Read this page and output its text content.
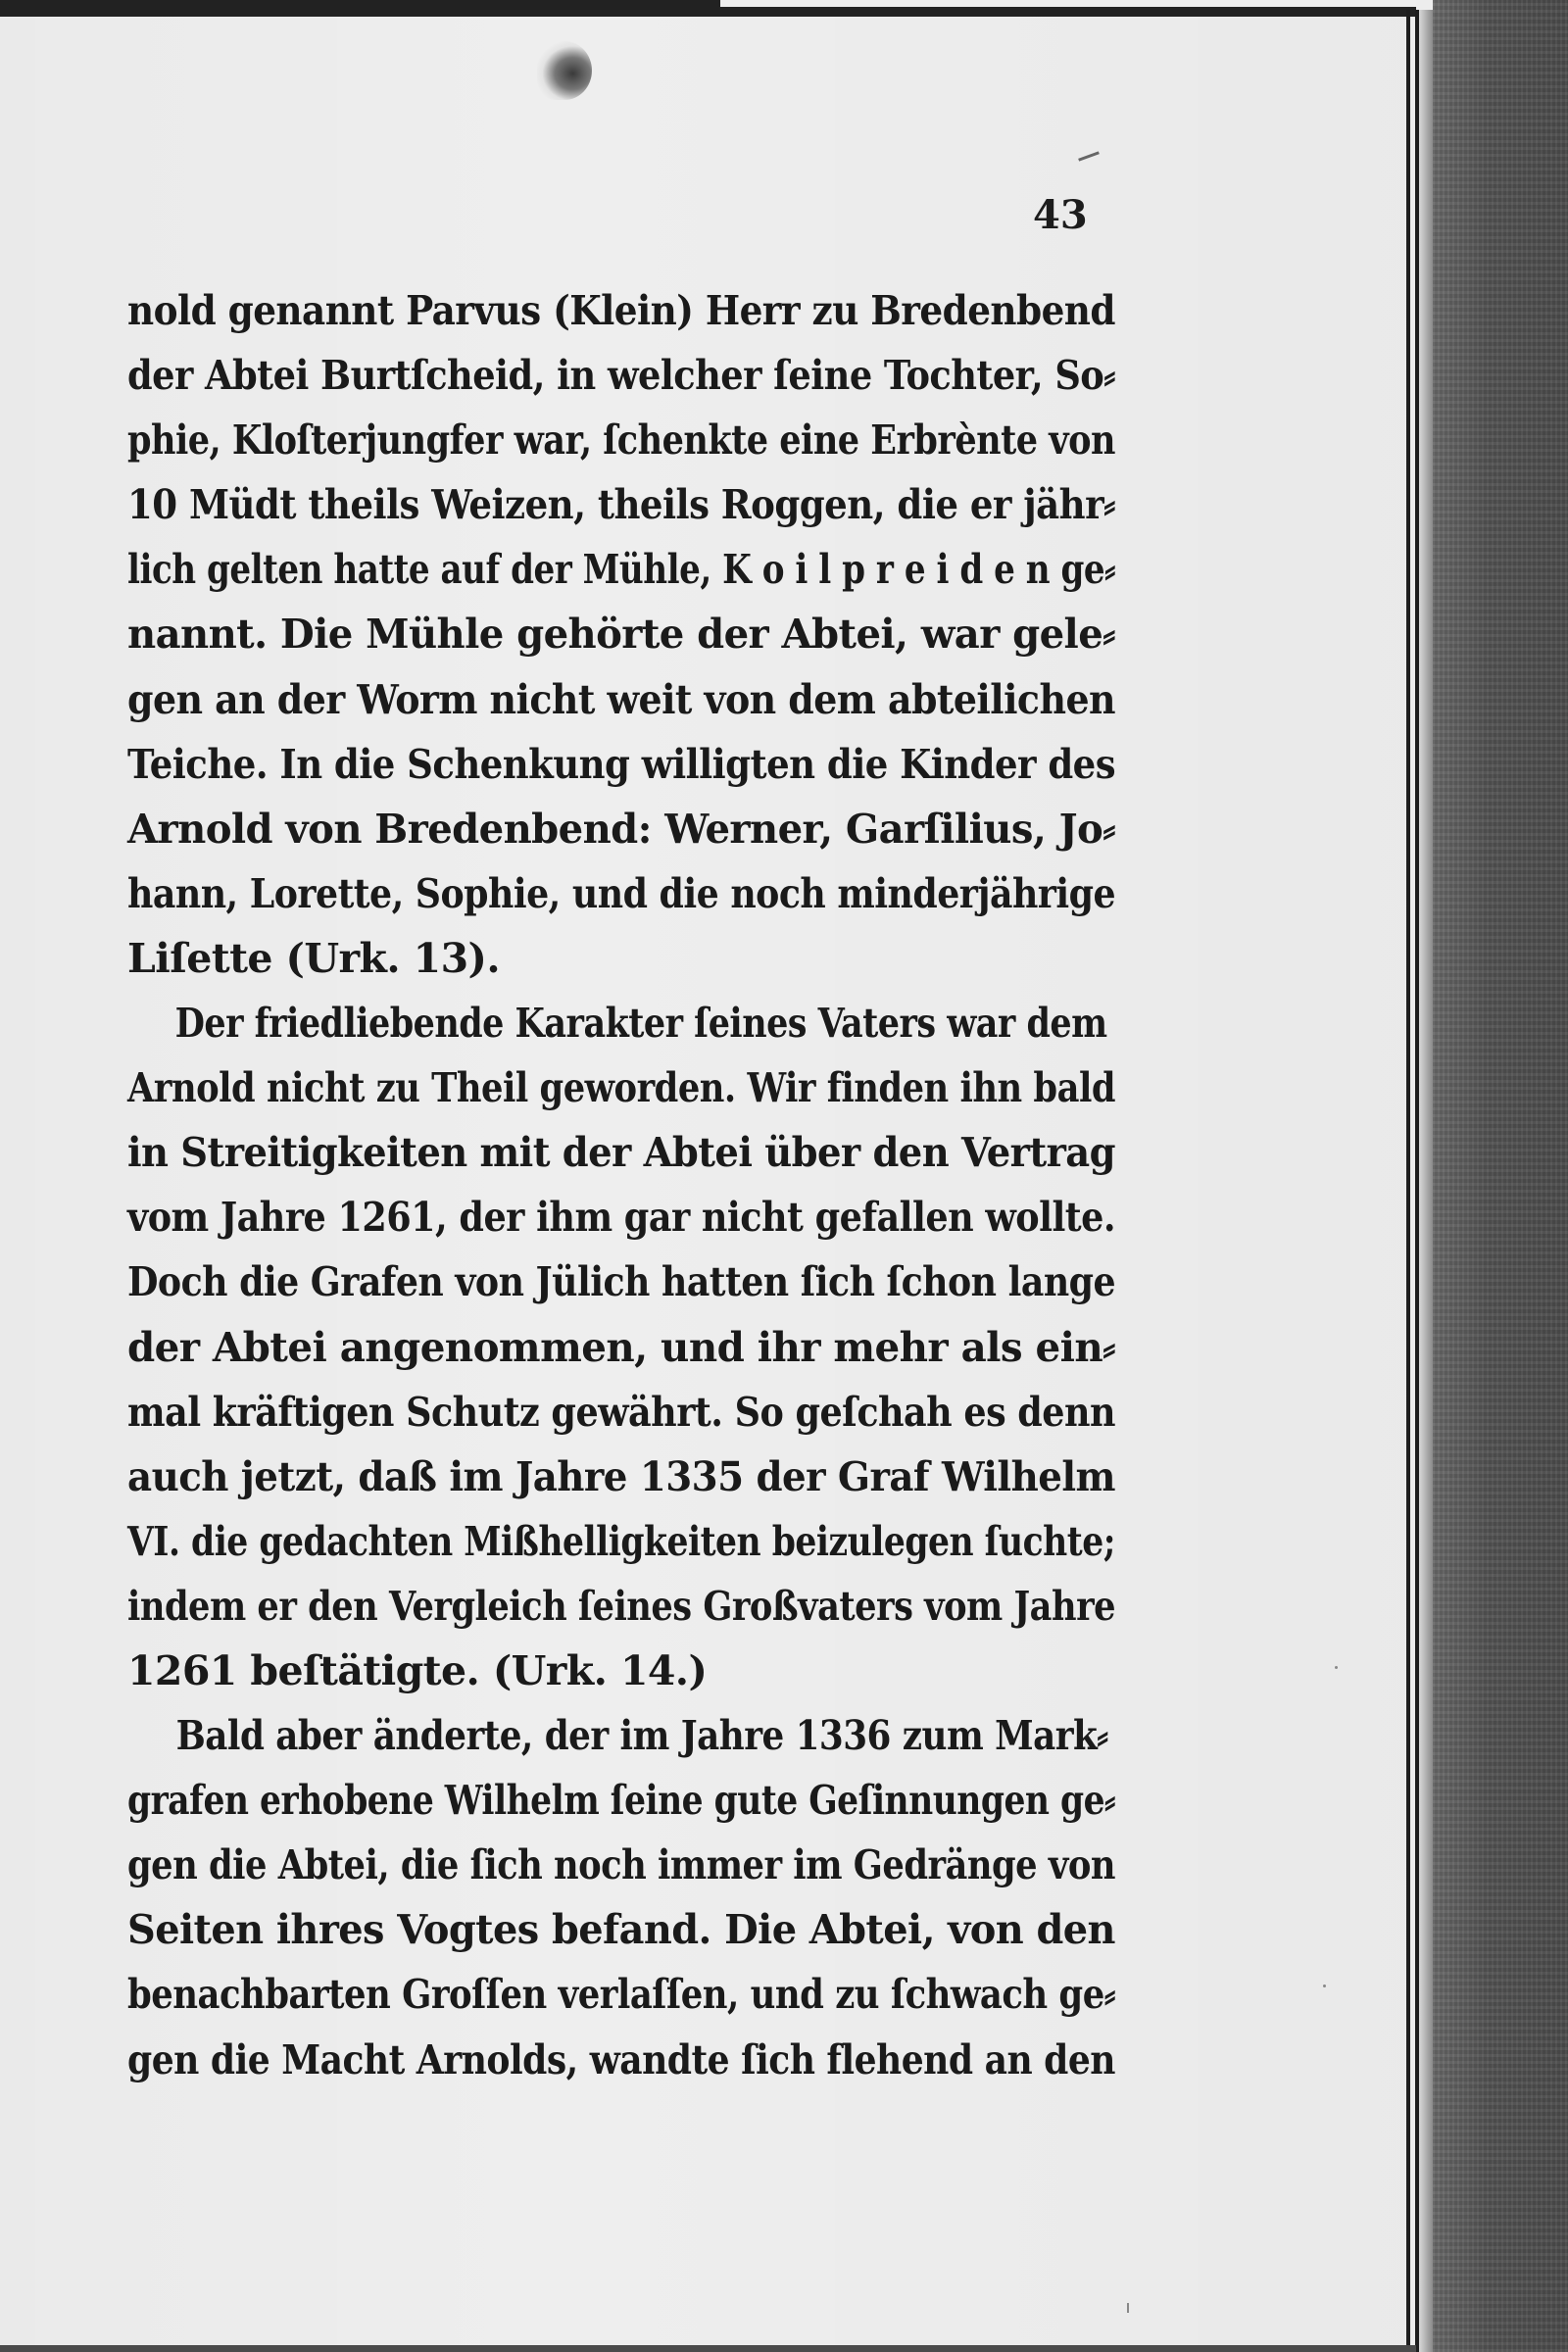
43
nold genannt Parvus (Klein) Herr zu Bredenbend
der Abtei Burtſcheid, in welcher ſeine Tochter, So⸗
phie, Kloſterjungfer war, ſchenkte eine Erbrènte von
10 Müdt theils Weizen, theils Roggen, die er jähr⸗
lich gelten hatte auf der Mühle, K o i l p r e i d e n ge⸗
nannt. Die Mühle gehörte der Abtei, war gele⸗
gen an der Worm nicht weit von dem abteilichen
Teiche. In die Schenkung willigten die Kinder des
Arnold von Bredenbend: Werner, Garſilius, Jo⸗
hann, Lorette, Sophie, und die noch minderjährige
Liſette (Urk. 13).
Der friedliebende Karakter ſeines Vaters war dem
Arnold nicht zu Theil geworden. Wir finden ihn bald
in Streitigkeiten mit der Abtei über den Vertrag
vom Jahre 1261, der ihm gar nicht gefallen wollte.
Doch die Grafen von Jülich hatten ſich ſchon lange
der Abtei angenommen, und ihr mehr als ein⸗
mal kräftigen Schutz gewährt. So geſchah es denn
auch jetzt, daß im Jahre 1335 der Graf Wilhelm
VI. die gedachten Mißhelligkeiten beizulegen ſuchte;
indem er den Vergleich ſeines Großvaters vom Jahre
1261 beſtätigte. (Urk. 14.)
Bald aber änderte, der im Jahre 1336 zum Mark⸗
grafen erhobene Wilhelm ſeine gute Geſinnungen ge⸗
gen die Abtei, die ſich noch immer im Gedränge von
Seiten ihres Vogtes befand. Die Abtei, von den
benachbarten Groſſen verlaſſen, und zu ſchwach ge⸗
gen die Macht Arnolds, wandte ſich flehend an den
